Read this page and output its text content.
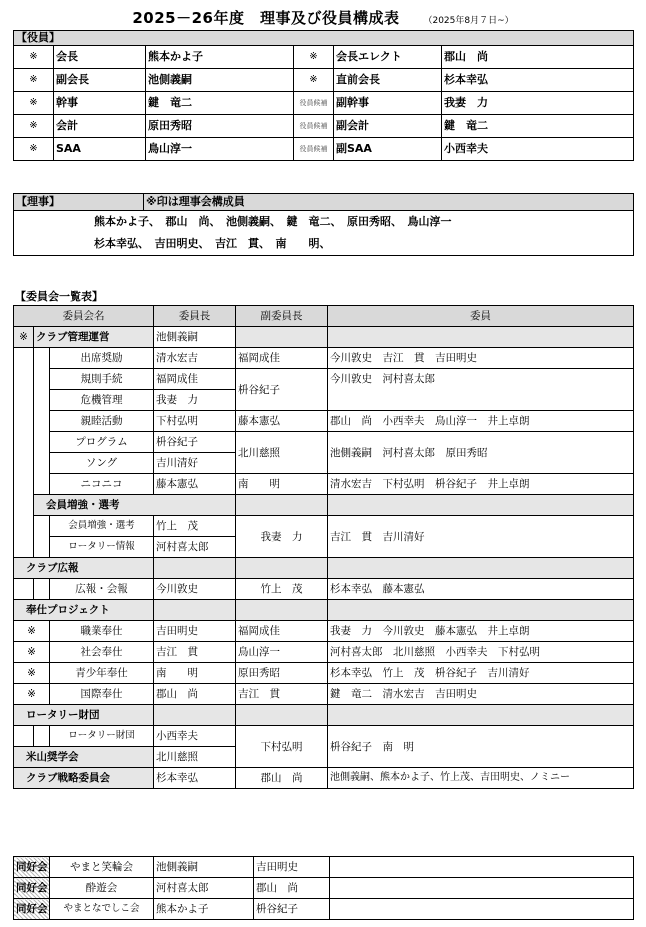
2025－26年度　理事及び役員構成表	（2025年8月７日~）
【役員】					
※	会長	熊本かよ子	※	会長エレクト	郡山　尚
※	副会長	池側義嗣	※	直前会長	杉本幸弘
※	幹事	鍵　竜二	役員候補	副幹事	我妻　力
※	会計	原田秀昭	役員候補	副会計	鍵　竜二
※	SAA	鳥山淳一	役員候補	副SAA	小西幸夫
【理事】	※印は理事会構成員
熊本かよ子、　郡山　尚、　池側義嗣、　鍵　竜二、　原田秀昭、　鳥山淳一
杉本幸弘、　吉田明史、　吉江　貫、　南　　明、
【委員会一覧表】
委員会名			委員長	副委員長	委員	
※	クラブ管理運営		池側義嗣			
		出席奨励	清水宏吉	福岡成佳	今川敦史　吉江　貫　吉田明史	
		規則手続	福岡成佳	枡谷紀子	今川敦史　河村喜太郎	
		危機管理	我妻　力			
		親睦活動	下村弘明	藤本憲弘	郡山　尚　小西幸夫　鳥山淳一　井上卓朗	
		プログラム	枡谷紀子	北川慈照	池側義嗣　河村喜太郎　原田秀昭	
		ソング	吉川清好			
		ニコニコ	藤本憲弘	南　　明	清水宏吉　下村弘明　枡谷紀子　井上卓朗	
	会員増強・選考					
		会員増強・選考	竹上　茂	我妻　力	吉江　貫　吉川清好	
		ロータリー情報	河村喜太郎			
クラブ広報						
		広報・会報	今川敦史	竹上　茂	杉本幸弘　藤本憲弘	
奉仕プロジェクト						
※		職業奉仕	吉田明史	福岡成佳	我妻　力　今川敦史　藤本憲弘　井上卓朗	
※		社会奉仕	吉江　貫	鳥山淳一	河村喜太郎　北川慈照　小西幸夫　下村弘明	
※		青少年奉仕	南　　明	原田秀昭	杉本幸弘　竹上　茂　枡谷紀子　吉川清好	
※		国際奉仕	郡山　尚	吉江　貫	鍵　竜二　清水宏吉　吉田明史	
ロータリー財団						
		ロータリー財団	小西幸夫	下村弘明	枡谷紀子　南　明	
米山奨学会			北川慈照			
クラブ戦略委員会			杉本幸弘	郡山　尚	池側義嗣、熊本かよ子、竹上茂、吉田明史、ノミニー	
同好会	やまと笑輪会	池側義嗣	吉田明史	
同好会	酔遊会	河村喜太郎	郡山　尚	
同好会	やまとなでしこ会	熊本かよ子	枡谷紀子	
